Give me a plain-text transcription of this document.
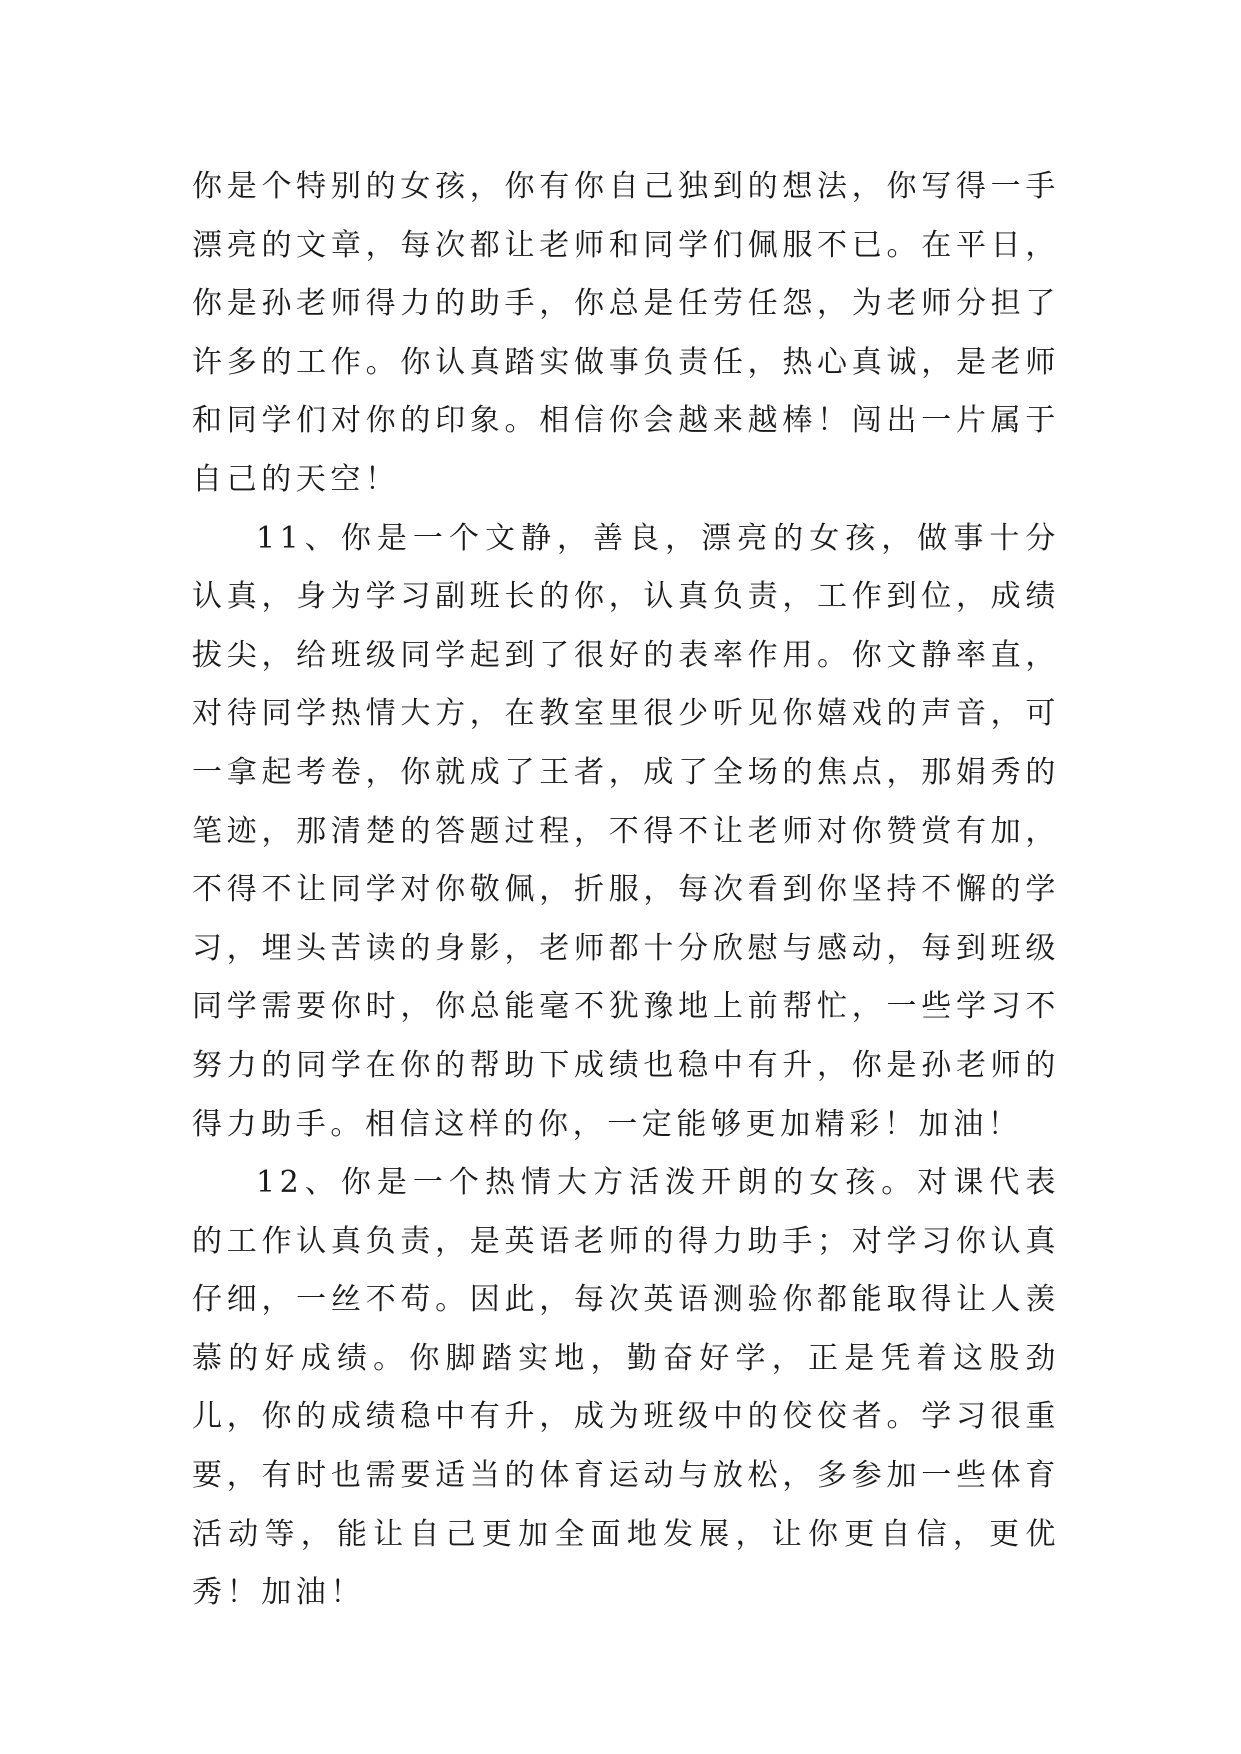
你是个特别的女孩，你有你自己独到的想法，你写得一手漂亮的文章，每次都让老师和同学们佩服不已。在平日，你是孙老师得力的助手，你总是任劳任怨，为老师分担了许多的工作。你认真踏实做事负责任，热心真诚，是老师和同学们对你的印象。相信你会越来越棒！闯出一片属于自己的天空！

11、你是一个文静，善良，漂亮的女孩，做事十分认真，身为学习副班长的你，认真负责，工作到位，成绩拔尖，给班级同学起到了很好的表率作用。你文静率直，对待同学热情大方，在教室里很少听见你嬉戏的声音，可一拿起考卷，你就成了王者，成了全场的焦点，那娟秀的笔迹，那清楚的答题过程，不得不让老师对你赞赏有加，不得不让同学对你敬佩，折服，每次看到你坚持不懈的学习，埋头苦读的身影，老师都十分欣慰与感动，每到班级同学需要你时，你总能毫不犹豫地上前帮忙，一些学习不努力的同学在你的帮助下成绩也稳中有升，你是孙老师的得力助手。相信这样的你，一定能够更加精彩！加油！

12、你是一个热情大方活泼开朗的女孩。对课代表的工作认真负责，是英语老师的得力助手；对学习你认真仔细，一丝不苟。因此，每次英语测验你都能取得让人羡慕的好成绩。你脚踏实地，勤奋好学，正是凭着这股劲儿，你的成绩稳中有升，成为班级中的佼佼者。学习很重要，有时也需要适当的体育运动与放松，多参加一些体育活动等，能让自己更加全面地发展，让你更自信，更优秀！加油！
